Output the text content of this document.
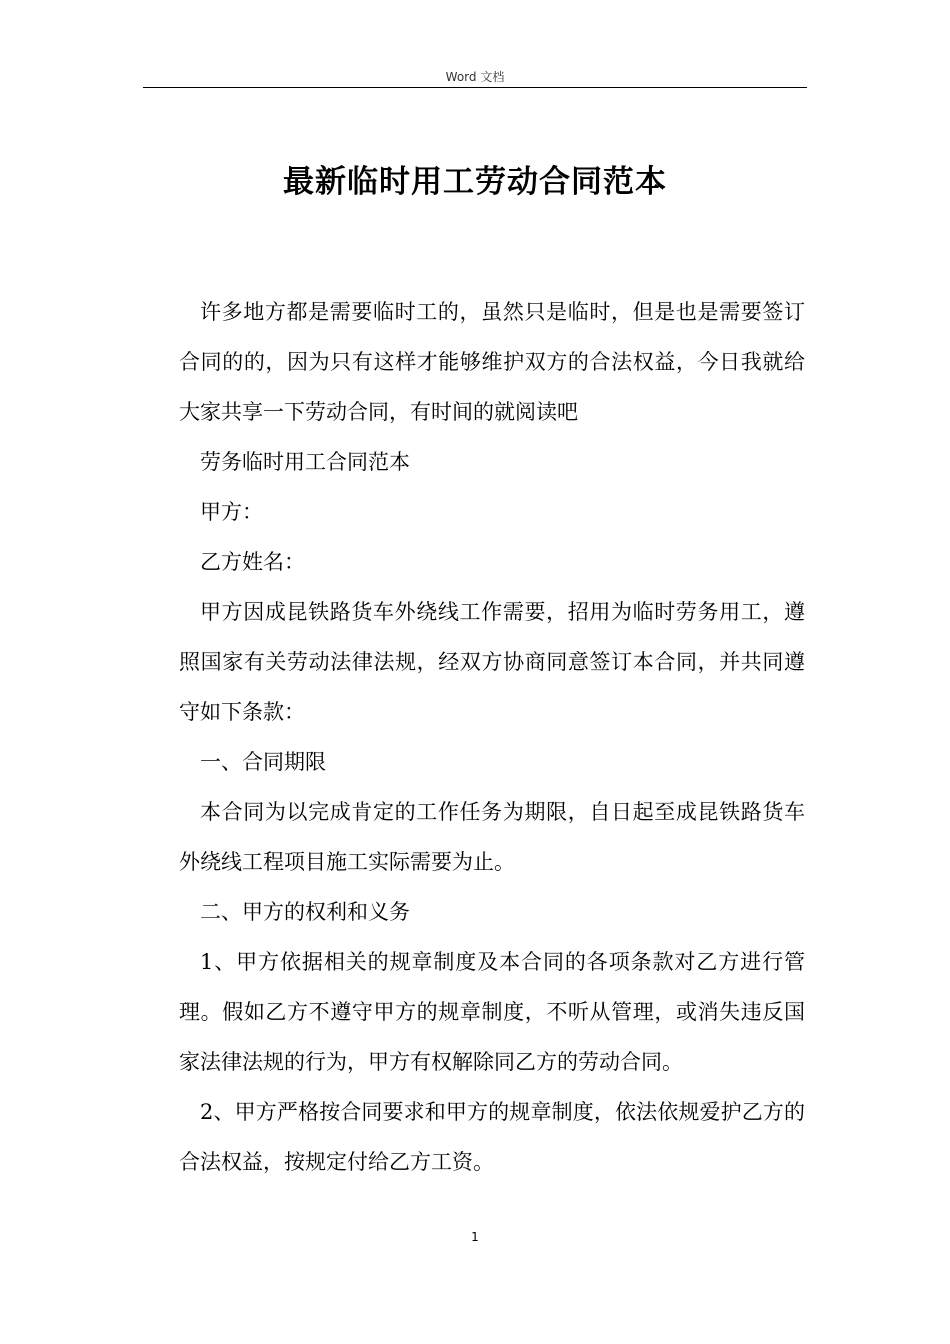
Word 文档
最新临时用工劳动合同范本

许多地方都是需要临时工的，虽然只是临时，但是也是需要签订合同的的，因为只有这样才能够维护双方的合法权益，今日我就给大家共享一下劳动合同，有时间的就阅读吧

劳务临时用工合同范本

甲方：

乙方姓名：

甲方因成昆铁路货车外绕线工作需要，招用为临时劳务用工，遵照国家有关劳动法律法规，经双方协商同意签订本合同，并共同遵守如下条款：

一、合同期限

本合同为以完成肯定的工作任务为期限，自日起至成昆铁路货车外绕线工程项目施工实际需要为止。

二、甲方的权利和义务

1、甲方依据相关的规章制度及本合同的各项条款对乙方进行管理。假如乙方不遵守甲方的规章制度，不听从管理，或消失违反国家法律法规的行为，甲方有权解除同乙方的劳动合同。

2、甲方严格按合同要求和甲方的规章制度，依法依规爱护乙方的合法权益，按规定付给乙方工资。

1
